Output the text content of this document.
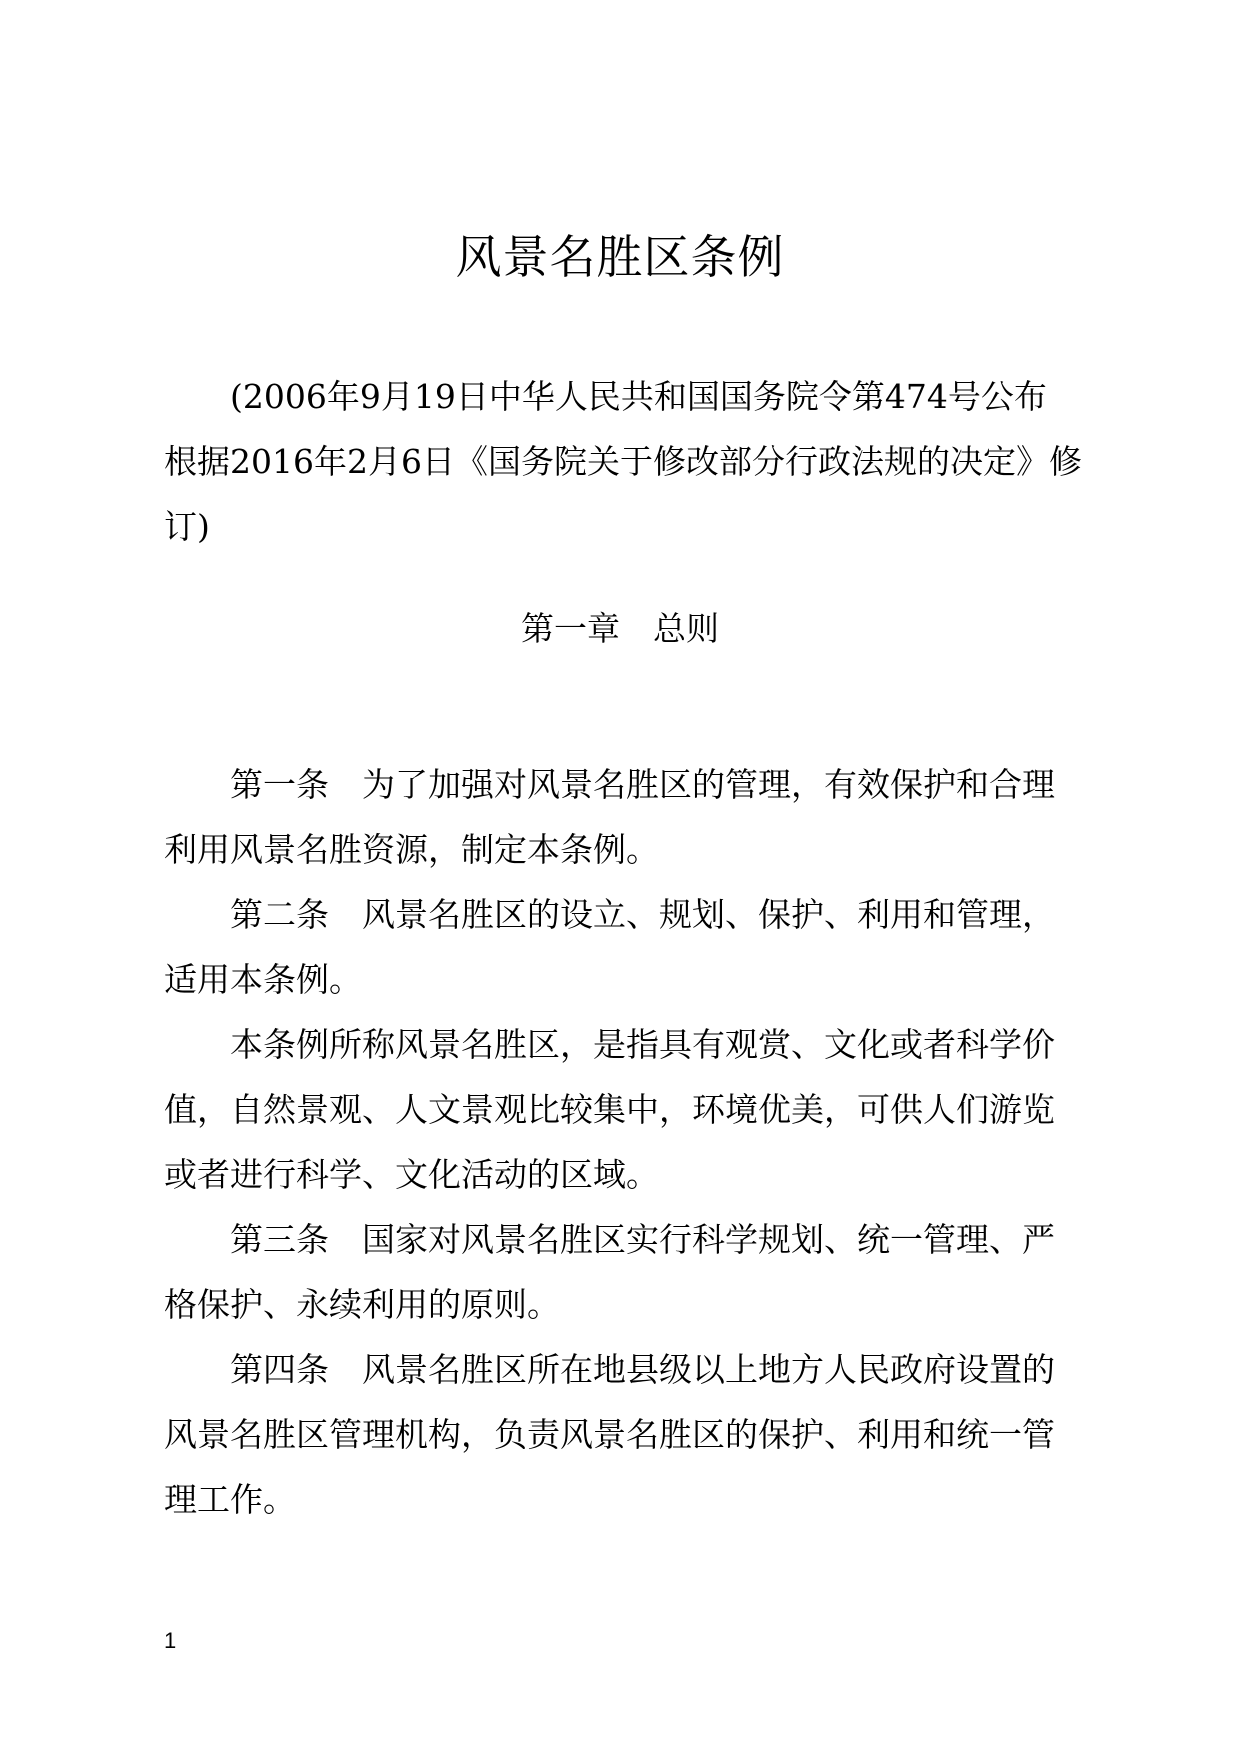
风景名胜区条例

(2006年9月19日中华人民共和国国务院令第474号公布 根据2016年2月6日《国务院关于修改部分行政法规的决定》修订)

第一章　总则

第一条 为了加强对风景名胜区的管理，有效保护和合理利用风景名胜资源，制定本条例。

第二条 风景名胜区的设立、规划、保护、利用和管理，适用本条例。

本条例所称风景名胜区，是指具有观赏、文化或者科学价值，自然景观、人文景观比较集中，环境优美，可供人们游览或者进行科学、文化活动的区域。

第三条 国家对风景名胜区实行科学规划、统一管理、严格保护、永续利用的原则。

第四条 风景名胜区所在地县级以上地方人民政府设置的风景名胜区管理机构，负责风景名胜区的保护、利用和统一管理工作。

1
